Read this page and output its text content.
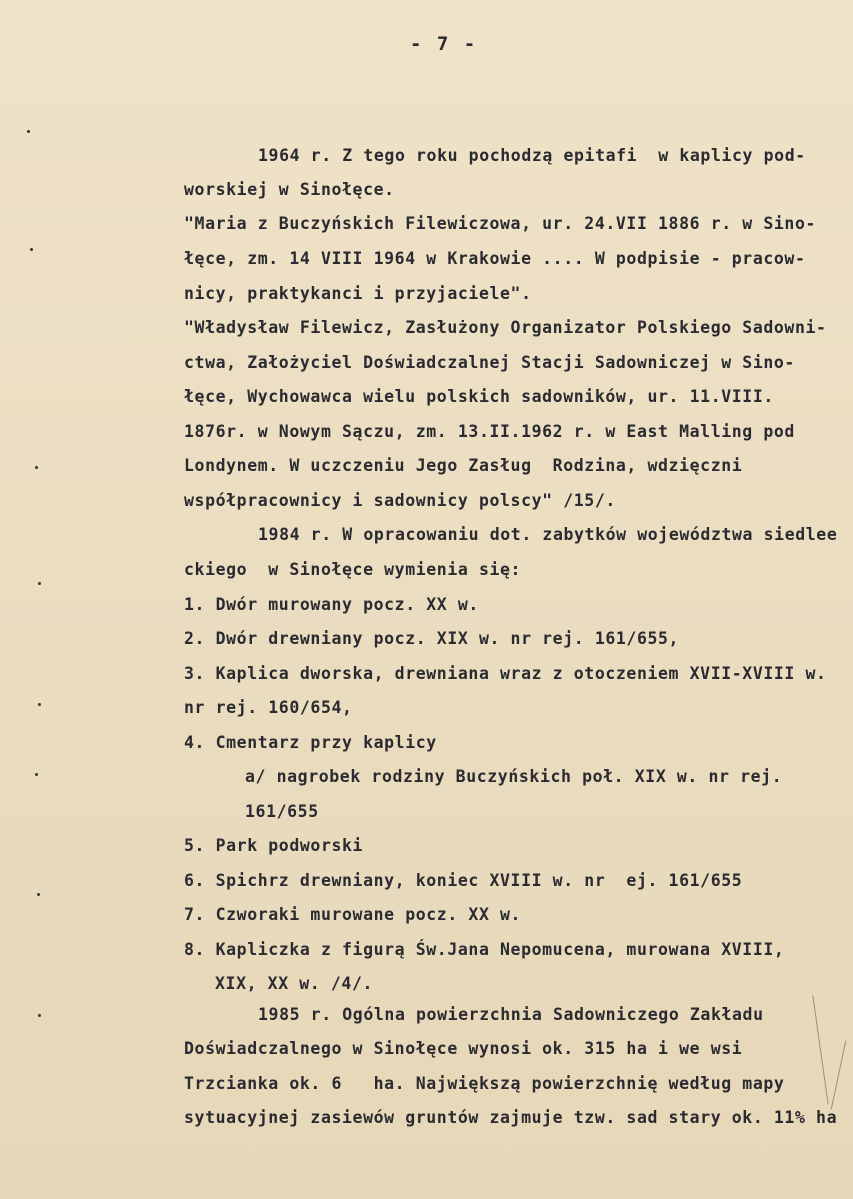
- 7 -
1964 r. Z tego roku pochodzą epitafi  w kaplicy pod-
worskiej w Sinołęce.
"Maria z Buczyńskich Filewiczowa, ur. 24.VII 1886 r. w Sino-
łęce, zm. 14 VIII 1964 w Krakowie .... W podpisie - pracow-
nicy, praktykanci i przyjaciele".
"Władysław Filewicz, Zasłużony Organizator Polskiego Sadowni-
ctwa, Założyciel Doświadczalnej Stacji Sadowniczej w Sino-
łęce, Wychowawca wielu polskich sadowników, ur. 11.VIII.
1876r. w Nowym Sączu, zm. 13.II.1962 r. w East Malling pod
Londynem. W uczczeniu Jego Zasług  Rodzina, wdzięczni
współpracownicy i sadownicy polscy" /15/.
1984 r. W opracowaniu dot. zabytków województwa siedlee
ckiego  w Sinołęce wymienia się:
1. Dwór murowany pocz. XX w.
2. Dwór drewniany pocz. XIX w. nr rej. 161/655,
3. Kaplica dworska, drewniana wraz z otoczeniem XVII-XVIII w.
nr rej. 160/654,
4. Cmentarz przy kaplicy
a/ nagrobek rodziny Buczyńskich poł. XIX w. nr rej.
161/655
5. Park podworski
6. Spichrz drewniany, koniec XVIII w. nr  ej. 161/655
7. Czworaki murowane pocz. XX w.
8. Kapliczka z figurą Św.Jana Nepomucena, murowana XVIII,
XIX, XX w. /4/.
1985 r. Ogólna powierzchnia Sadowniczego Zakładu
Doświadczalnego w Sinołęce wynosi ok. 315 ha i we wsi
Trzcianka ok. 6   ha. Największą powierzchnię według mapy
sytuacyjnej zasiewów gruntów zajmuje tzw. sad stary ok. 11% ha
